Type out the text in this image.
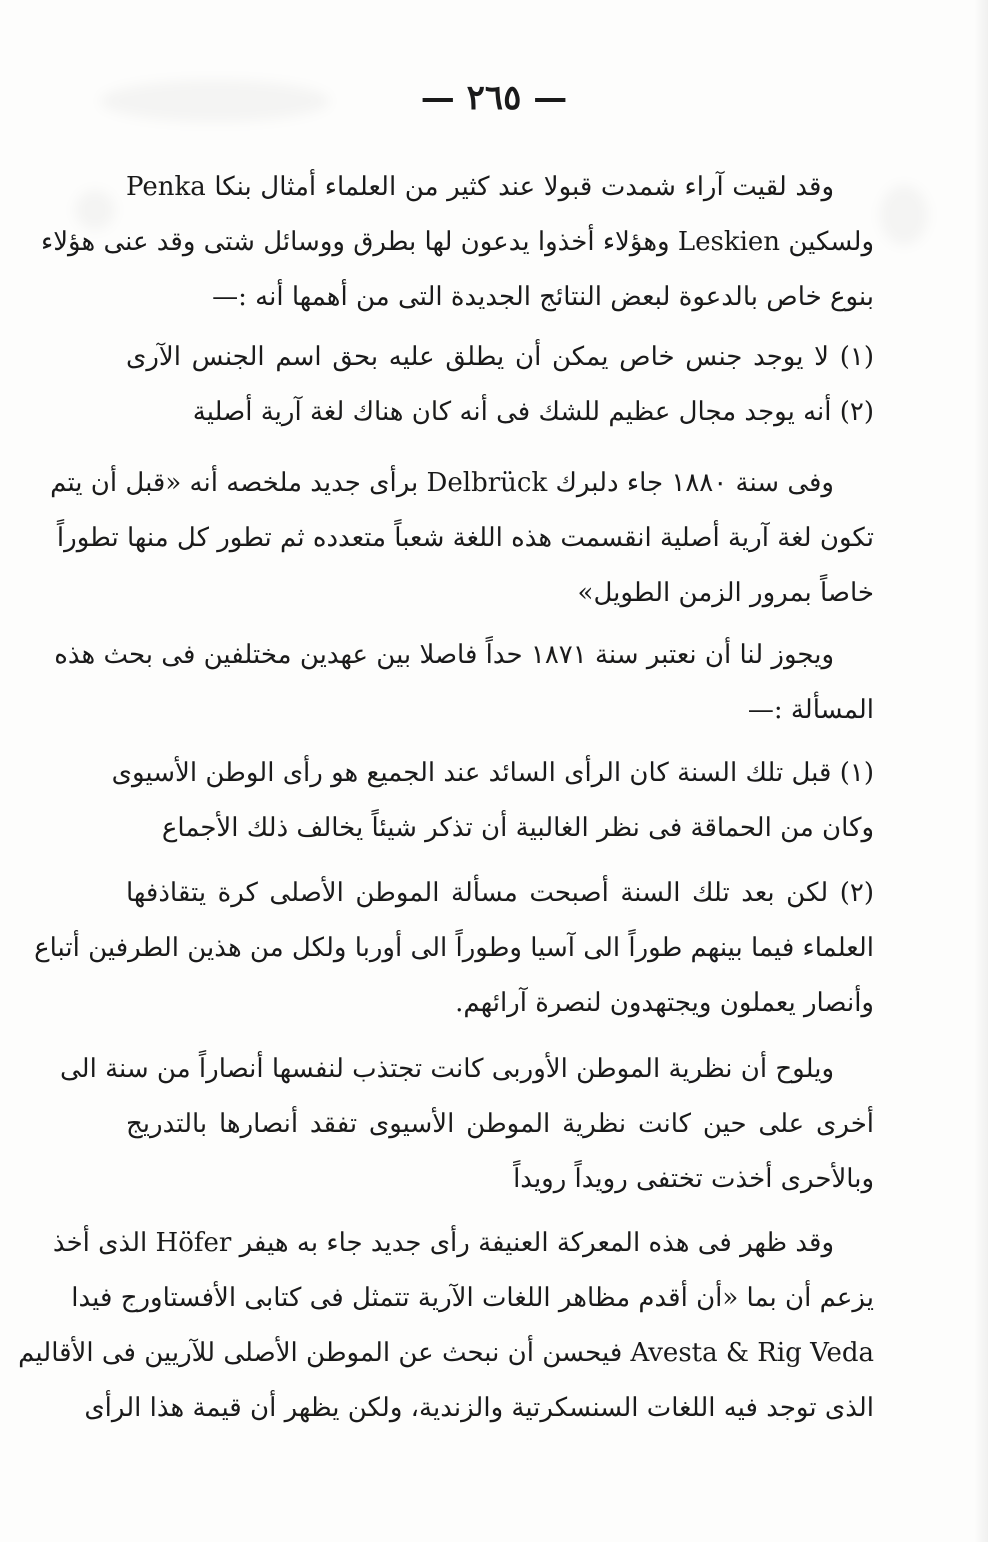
— ٢٦٥ —
وقد لقيت آراء شمدت قبولا عند كثير من العلماء أمثال بنكا Penka
ولسكين Leskien وهؤلاء أخذوا يدعون لها بطرق ووسائل شتى وقد عنى هؤلاء
بنوع خاص بالدعوة لبعض النتائج الجديدة التى من أهمها أنه :—
(١) لا يوجد جنس خاص يمكن أن يطلق عليه بحق اسم الجنس الآرى
(٢) أنه يوجد مجال عظيم للشك فى أنه كان هناك لغة آرية أصلية
وفى سنة ١٨٨٠ جاء دلبرك Delbrück برأى جديد ملخصه أنه «قبل أن يتم
تكون لغة آرية أصلية انقسمت هذه اللغة شعباً متعدده ثم تطور كل منها تطوراً
خاصاً بمرور الزمن الطويل»
ويجوز لنا أن نعتبر سنة ١٨٧١ حداً فاصلا بين عهدين مختلفين فى بحث هذه
المسألة :—
(١) قبل تلك السنة كان الرأى السائد عند الجميع هو رأى الوطن الأسيوى
وكان من الحماقة فى نظر الغالبية أن تذكر شيئاً يخالف ذلك الأجماع
(٢) لكن بعد تلك السنة أصبحت مسألة الموطن الأصلى كرة يتقاذفها
العلماء فيما بينهم طوراً الى آسيا وطوراً الى أوربا ولكل من هذين الطرفين أتباع
وأنصار يعملون ويجتهدون لنصرة آرائهم.
ويلوح أن نظرية الموطن الأوربى كانت تجتذب لنفسها أنصاراً من سنة الى
أخرى على حين كانت نظرية الموطن الأسيوى تفقد أنصارها بالتدريج
وبالأحرى أخذت تختفى رويداً رويداً
وقد ظهر فى هذه المعركة العنيفة رأى جديد جاء به هيفر Höfer الذى أخذ
يزعم أن بما «أن أقدم مظاهر اللغات الآرية تتمثل فى كتابى الأفستاورج فيدا
Avesta & Rig Veda فيحسن أن نبحث عن الموطن الأصلى للآريين فى الأقاليم
الذى توجد فيه اللغات السنسكرتية والزندية، ولكن يظهر أن قيمة هذا الرأى
